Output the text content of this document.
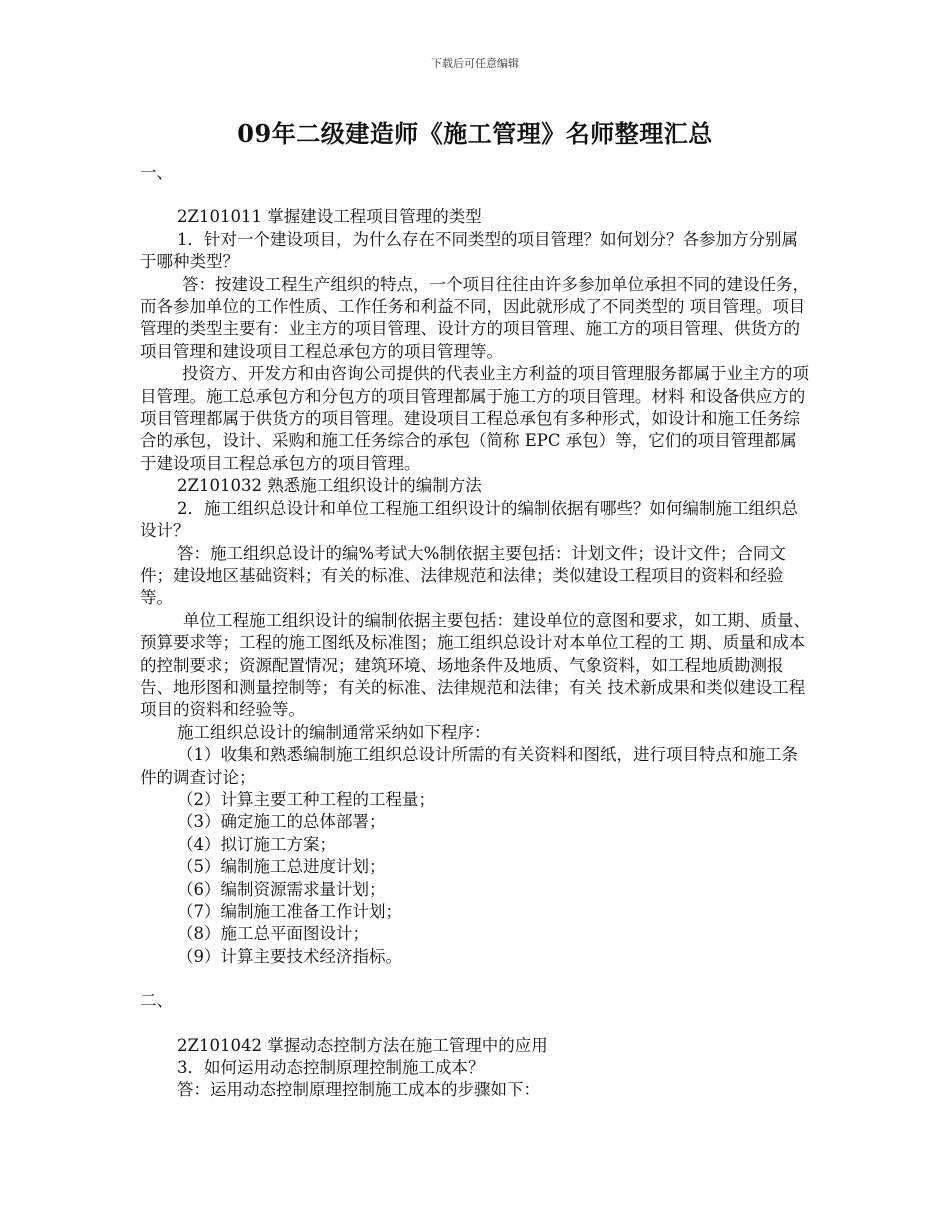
下载后可任意编辑
09年二级建造师《施工管理》名师整理汇总

一、

2Z101011 掌握建设工程项目管理的类型

1．针对一个建设项目，为什么存在不同类型的项目管理？如何划分？各参加方分别属于哪种类型？

答：按建设工程生产组织的特点，一个项目往往由许多参加单位承担不同的建设任务，而各参加单位的工作性质、工作任务和利益不同，因此就形成了不同类型的 项目管理。项目管理的类型主要有：业主方的项目管理、设计方的项目管理、施工方的项目管理、供货方的项目管理和建设项目工程总承包方的项目管理等。

投资方、开发方和由咨询公司提供的代表业主方利益的项目管理服务都属于业主方的项目管理。施工总承包方和分包方的项目管理都属于施工方的项目管理。材料 和设备供应方的项目管理都属于供货方的项目管理。建设项目工程总承包有多种形式，如设计和施工任务综合的承包，设计、采购和施工任务综合的承包（简称 EPC 承包）等，它们的项目管理都属于建设项目工程总承包方的项目管理。

2Z101032 熟悉施工组织设计的编制方法

2．施工组织总设计和单位工程施工组织设计的编制依据有哪些？如何编制施工组织总设计？

答：施工组织总设计的编%考试大%制依据主要包括：计划文件；设计文件；合同文件；建设地区基础资料；有关的标准、法律规范和法律；类似建设工程项目的资料和经验等。

单位工程施工组织设计的编制依据主要包括：建设单位的意图和要求，如工期、质量、预算要求等；工程的施工图纸及标准图；施工组织总设计对本单位工程的工 期、质量和成本的控制要求；资源配置情况；建筑环境、场地条件及地质、气象资料，如工程地质勘测报告、地形图和测量控制等；有关的标准、法律规范和法律；有关 技术新成果和类似建设工程项目的资料和经验等。

施工组织总设计的编制通常采纳如下程序：

（1）收集和熟悉编制施工组织总设计所需的有关资料和图纸，进行项目特点和施工条件的调查讨论；

（2）计算主要工种工程的工程量；

（3）确定施工的总体部署；

（4）拟订施工方案；

（5）编制施工总进度计划；

（6）编制资源需求量计划；

（7）编制施工准备工作计划；

（8）施工总平面图设计；

（9）计算主要技术经济指标。

二、

2Z101042 掌握动态控制方法在施工管理中的应用

3．如何运用动态控制原理控制施工成本？

答：运用动态控制原理控制施工成本的步骤如下：
